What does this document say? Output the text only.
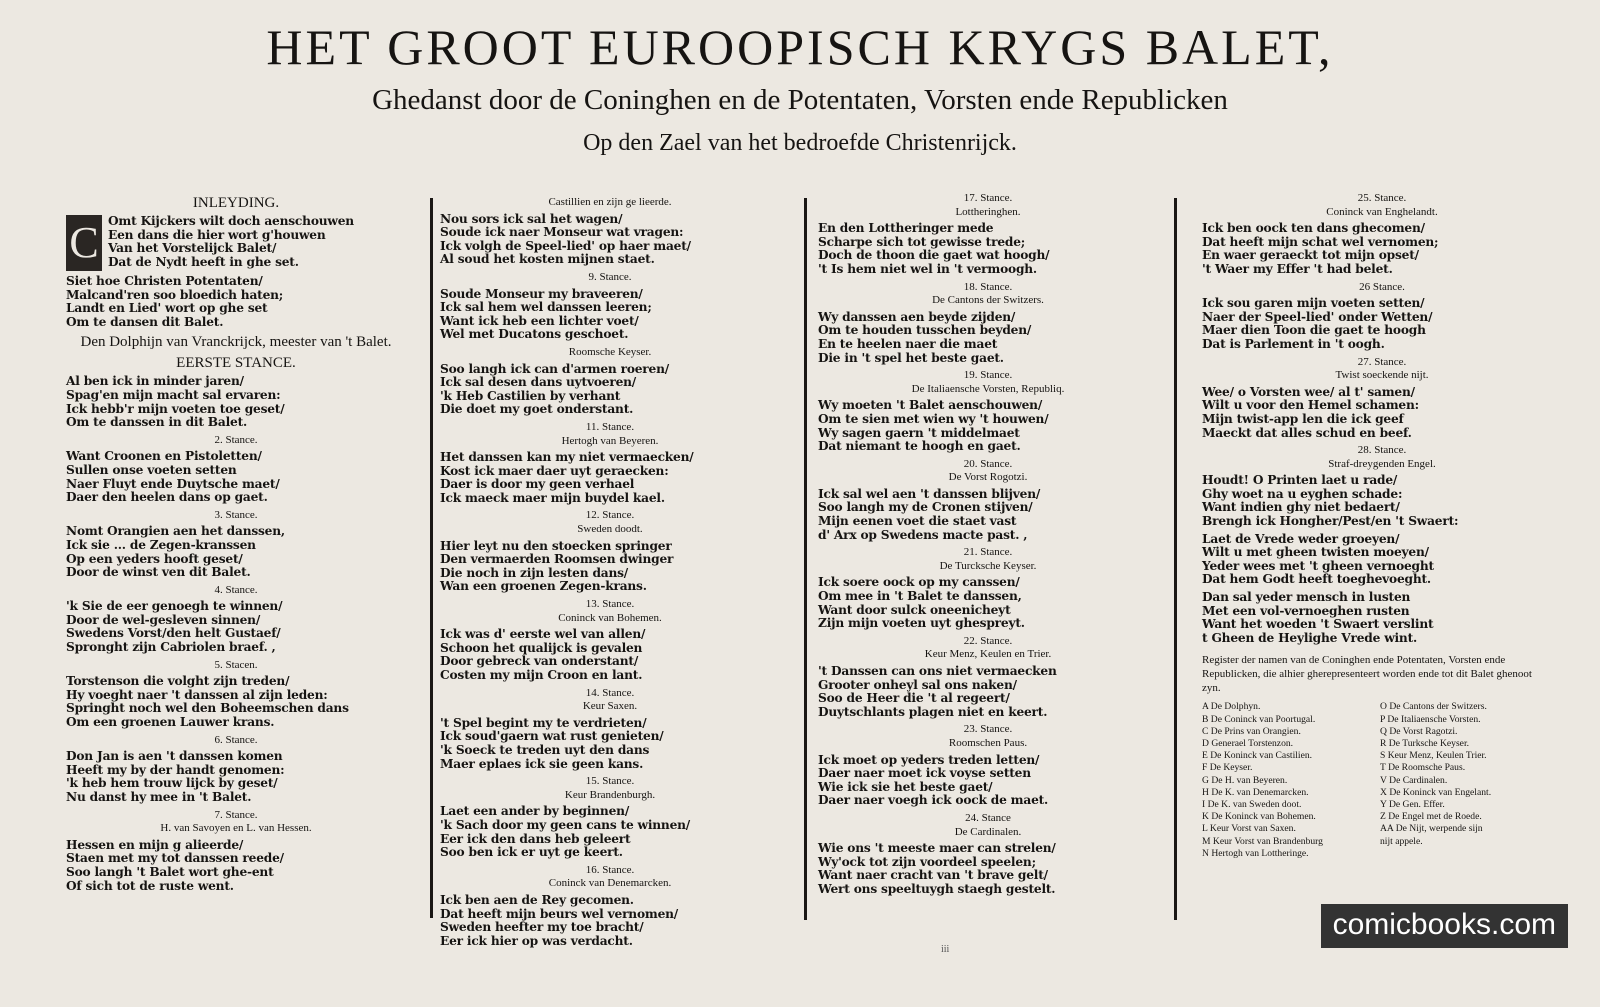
HET GROOT EUROOPISCH KRYGS BALET,
Ghedanst door de Coninghen en de Potentaten, Vorsten ende Republicken
Op den Zael van het bedroefde Christenrijck.
INLEYDING.
C Omt Kijckers wilt doch aenschouwen
Een dans die hier wort g'houwen
Van het Vorstelijck Balet/
Dat de Nydt heeft in ghe set.
Siet hoe Christen Potentaten/
Malcand'ren soo bloedich haten;
Landt en Lied' wort op ghe set
Om te dansen dit Balet.
Den Dolphijn van Vranckrijck, meester van 't Balet.
EERSTE STANCE.
Al ben ick in minder jaren/
Spag'en mijn macht sal ervaren:
Ick hebb'r mijn voeten toe geset/
Om te danssen in dit Balet.
2. Stance.
Want Croonen en Pistoletten/
Sullen onse voeten setten
Naer Fluyt ende Duytsche maet/
Daer den heelen dans op gaet.
3. Stance.
Nomt Orangien aen het danssen,
Ick sie ... de Zegen-kranssen
Op een yeders hooft geset/
Door de winst ven dit Balet.
4. Stance.
'k Sie de eer genoegh te winnen/
Door de wel-gesleven sinnen/
Swedens Vorst/den helt Gustaef/
Spronght zijn Cabriolen braef. ,
5. Stacen.
Torstenson die volght zijn treden/
Hy voeght naer 't danssen al zijn leden:
Springht noch wel den Boheemschen dans
Om een groenen Lauwer krans.
6. Stance.
Don Jan is aen 't danssen komen
Heeft my by der handt genomen:
'k heb hem trouw lijck by geset/
Nu danst hy mee in 't Balet.
7. Stance.
H. van Savoyen en L. van Hessen.
Hessen en mijn g alieerde/
Staen met my tot danssen reede/
Soo langh 't Balet wort ghe-ent
Of sich tot de ruste went.
Castillien en zijn ge lieerde.
Nou sors ick sal het wagen/
Soude ick naer Monseur wat vragen:
Ick volgh de Speel-lied' op haer maet/
Al soud het kosten mijnen staet.
9. Stance.
Soude Monseur my braveeren/
Ick sal hem wel danssen leeren;
Want ick heb een lichter voet/
Wel met Ducatons geschoet.
Roomsche Keyser.
Soo langh ick can d'armen roeren/
Ick sal desen dans uytvoeren/
'k Heb Castilien by verhant
Die doet my goet onderstant.
11. Stance.
Hertogh van Beyeren.
Het danssen kan my niet vermaecken/
Kost ick maer daer uyt geraecken:
Daer is door my geen verhael
Ick maeck maer mijn buydel kael.
12. Stance.
Sweden doodt.
Hier leyt nu den stoecken springer
Den vermaerden Roomsen dwinger
Die noch in zijn lesten dans/
Wan een groenen Zegen-krans.
13. Stance.
Coninck van Bohemen.
Ick was d' eerste wel van allen/
Schoon het qualijck is gevalen
Door gebreck van onderstant/
Costen my mijn Croon en lant.
14. Stance.
Keur Saxen.
't Spel begint my te verdrieten/
Ick soud'gaern wat rust genieten/
'k Soeck te treden uyt den dans
Maer eplaes ick sie geen kans.
15. Stance.
Keur Brandenburgh.
Laet een ander by beginnen/
'k Sach door my geen cans te winnen/
Eer ick den dans heb geleert
Soo ben ick er uyt ge keert.
16. Stance.
Coninck van Denemarcken.
Ick ben aen de Rey gecomen.
Dat heeft mijn beurs wel vernomen/
Sweden heefter my toe bracht/
Eer ick hier op was verdacht.
17. Stance.
Lottheringhen.
En den Lottheringer mede
Scharpe sich tot gewisse trede;
Doch de thoon die gaet wat hoogh/
't Is hem niet wel in 't vermoogh.
18. Stance.
De Cantons der Switzers.
Wy danssen aen beyde zijden/
Om te houden tusschen beyden/
En te heelen naer die maet
Die in 't spel het beste gaet.
19. Stance.
De Italiaensche Vorsten, Republiq.
Wy moeten 't Balet aenschouwen/
Om te sien met wien wy 't houwen/
Wy sagen gaern 't middelmaet
Dat niemant te hoogh en gaet.
20. Stance.
De Vorst Rogotzi.
Ick sal wel aen 't danssen blijven/
Soo langh my de Cronen stijven/
Mijn eenen voet die staet vast
d' Arx op Swedens macte past. ,
21. Stance.
De Turcksche Keyser.
Ick soere oock op my canssen/
Om mee in 't Balet te danssen,
Want door sulck oneenicheyt
Zijn mijn voeten uyt ghespreyt.
22. Stance.
Keur Menz, Keulen en Trier.
't Danssen can ons niet vermaecken
Grooter onheyl sal ons naken/
Soo de Heer die 't al regeert/
Duytschlants plagen niet en keert.
23. Stance.
Roomschen Paus.
Ick moet op yeders treden letten/
Daer naer moet ick voyse setten
Wie ick sie het beste gaet/
Daer naer voegh ick oock de maet.
24. Stance
De Cardinalen.
Wie ons 't meeste maer can strelen/
Wy'ock tot zijn voordeel speelen;
Want naer cracht van 't brave gelt/
Wert ons speeltuygh staegh gestelt.
25. Stance.
Coninck van Enghelandt.
Ick ben oock ten dans ghecomen/
Dat heeft mijn schat wel vernomen;
En waer geraeckt tot mijn opset/
't Waer my Effer 't had belet.
26 Stance.
Ick sou garen mijn voeten setten/
Naer der Speel-lied' onder Wetten/
Maer dien Toon die gaet te hoogh
Dat is Parlement in 't oogh.
27. Stance.
Twist soeckende nijt.
Wee/ o Vorsten wee/ al t' samen/
Wilt u voor den Hemel schamen:
Mijn twist-app len die ick geef
Maeckt dat alles schud en beef.
28. Stance.
Straf-dreygenden Engel.
Houdt! O Printen laet u rade/
Ghy woet na u eyghen schade:
Want indien ghy niet bedaert/
Brengh ick Hongher/Pest/en 't Swaert:
Laet de Vrede weder groeyen/
Wilt u met gheen twisten moeyen/
Yeder wees met 't gheen vernoeght
Dat hem Godt heeft toeghevoeght.
Dan sal yeder mensch in lusten
Met een vol-vernoeghen rusten
Want het woeden 't Swaert verslint
t Gheen de Heylighe Vrede wint.
Register der namen van de Coninghen ende Potentaten, Vorsten ende Republicken, die alhier gherepresenteert worden ende tot dit Balet ghenoot zyn.
A De Dolphyn.
B De Coninck van Poortugal.
C De Prins van Orangien.
D Generael Torstenzon.
E De Koninck van Castilien.
F De Keyser.
G De H. van Beyeren.
H De K. van Denemarcken.
I De K. van Sweden doot.
K De Koninck van Bohemen.
L Keur Vorst van Saxen.
M Keur Vorst van Brandenburg
N Hertogh van Lottheringe.
O De Cantons der Switzers.
P De Italiaensche Vorsten.
Q De Vorst Ragotzi.
R De Turksche Keyser.
S Keur Menz, Keulen Trier.
T De Roomsche Paus.
V De Cardinalen.
X De Koninck van Engelant.
Y De Gen. Effer.
Z De Engel met de Roede.
AA De Nijt, werpende sijn
nijt appele.
iii
comicbooks.com
